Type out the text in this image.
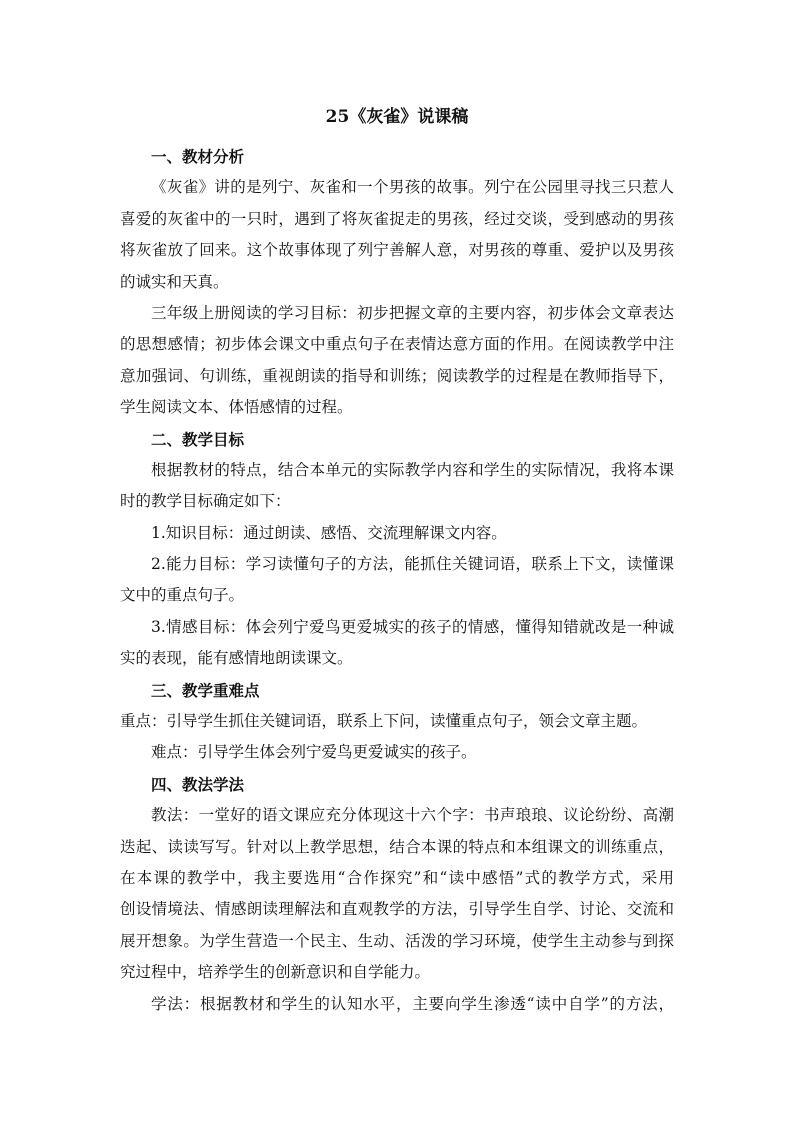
25《灰雀》说课稿
一、教材分析
《灰雀》讲的是列宁、灰雀和一个男孩的故事。列宁在公园里寻找三只惹人
喜爱的灰雀中的一只时，遇到了将灰雀捉走的男孩，经过交谈，受到感动的男孩
将灰雀放了回来。这个故事体现了列宁善解人意，对男孩的尊重、爱护以及男孩
的诚实和天真。
三年级上册阅读的学习目标：初步把握文章的主要内容，初步体会文章表达
的思想感情；初步体会课文中重点句子在表情达意方面的作用。在阅读教学中注
意加强词、句训练，重视朗读的指导和训练；阅读教学的过程是在教师指导下，
学生阅读文本、体悟感情的过程。
二、教学目标
根据教材的特点，结合本单元的实际教学内容和学生的实际情况，我将本课
时的教学目标确定如下：
1.知识目标：通过朗读、感悟、交流理解课文内容。
2.能力目标：学习读懂句子的方法，能抓住关键词语，联系上下文，读懂课
文中的重点句子。
3.情感目标：体会列宁爱鸟更爱城实的孩子的情感，懂得知错就改是一种诚
实的表现，能有感情地朗读课文。
三、教学重难点
重点：引导学生抓住关键词语，联系上下问，读懂重点句子，领会文章主题。
难点：引导学生体会列宁爱鸟更爱诚实的孩子。
四、教法学法
教法：一堂好的语文课应充分体现这十六个字：书声琅琅、议论纷纷、高潮
迭起、读读写写。针对以上教学思想，结合本课的特点和本组课文的训练重点，
在本课的教学中，我主要选用“合作探究”和“读中感悟”式的教学方式，采用
创设情境法、情感朗读理解法和直观教学的方法，引导学生自学、讨论、交流和
展开想象。为学生营造一个民主、生动、活泼的学习环境，使学生主动参与到探
究过程中，培养学生的创新意识和自学能力。
学法：根据教材和学生的认知水平，主要向学生渗透“读中自学”的方法，
